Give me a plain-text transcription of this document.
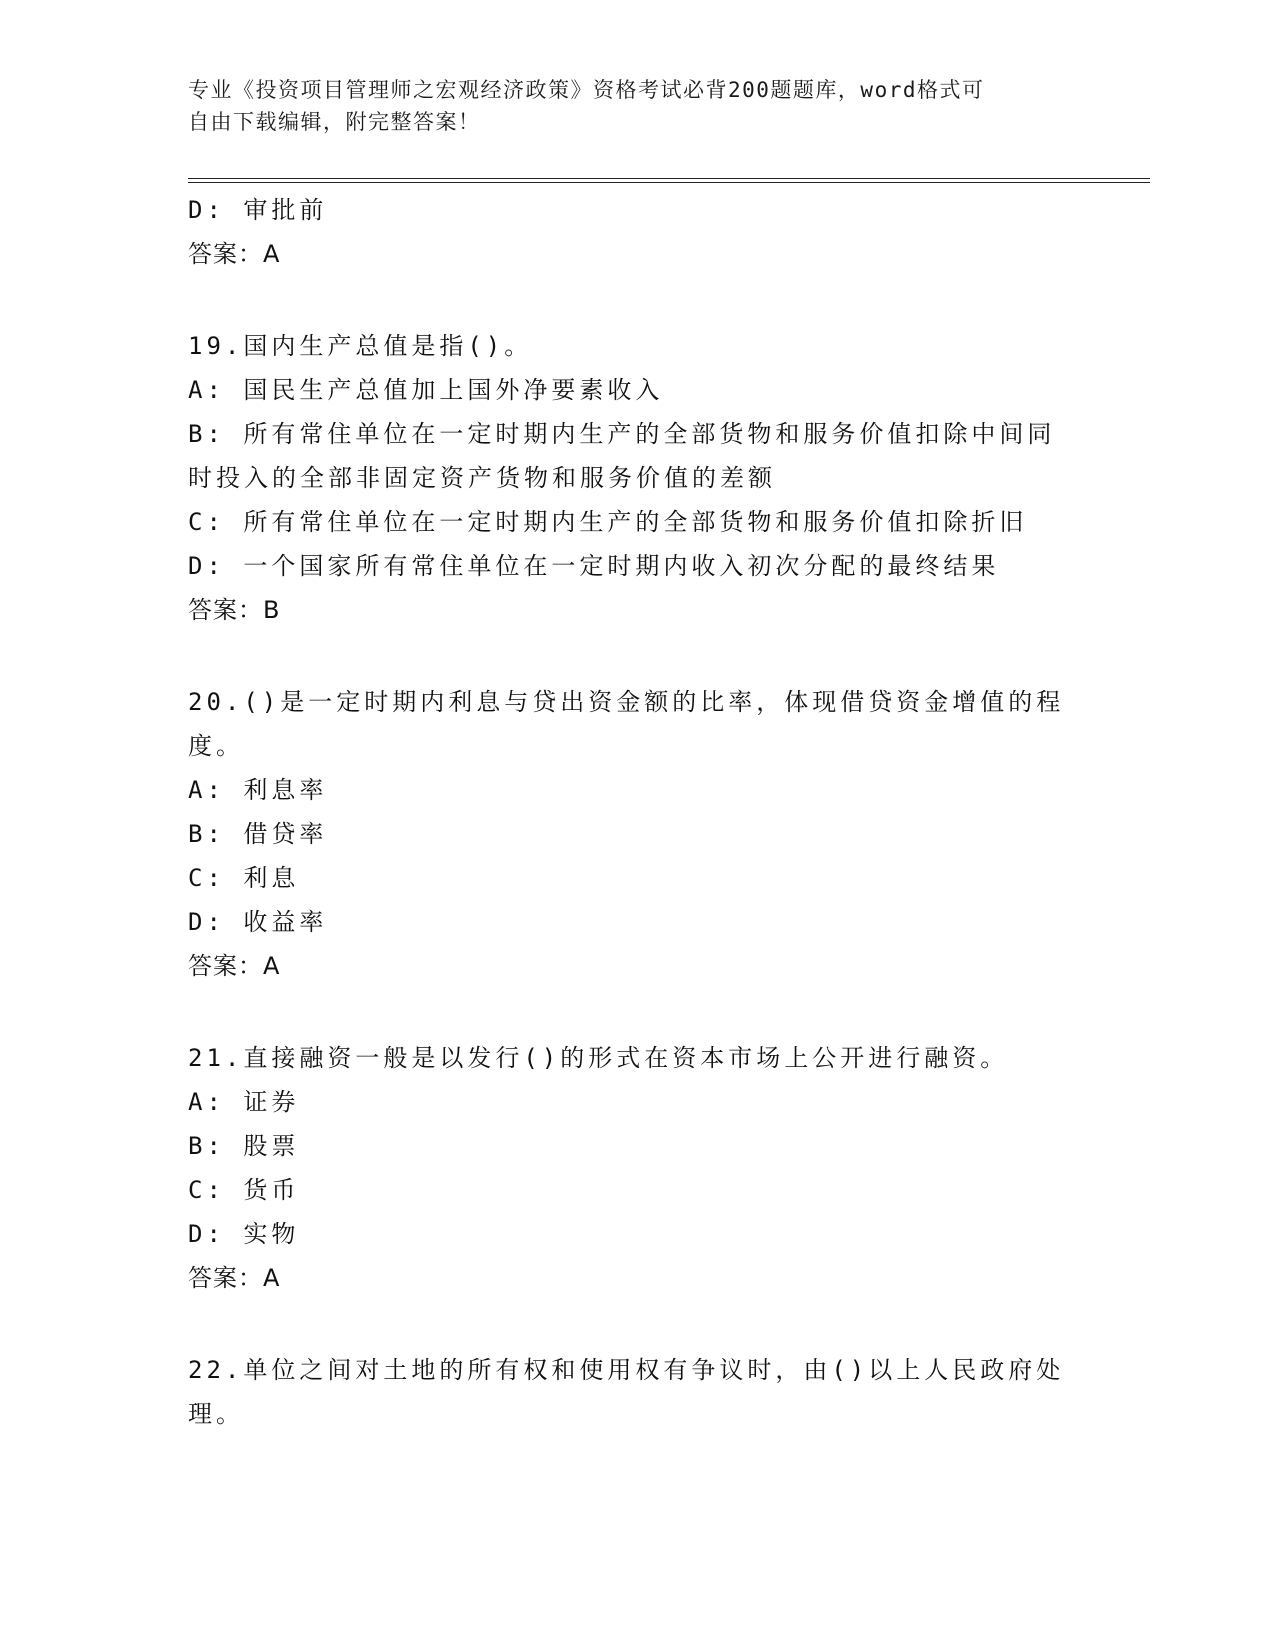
专业《投资项目管理师之宏观经济政策》资格考试必背200题题库，word格式可
自由下载编辑，附完整答案！
D: 审批前
答案：A
19.国内生产总值是指()。
A: 国民生产总值加上国外净要素收入
B: 所有常住单位在一定时期内生产的全部货物和服务价值扣除中间同
时投入的全部非固定资产货物和服务价值的差额
C: 所有常住单位在一定时期内生产的全部货物和服务价值扣除折旧
D: 一个国家所有常住单位在一定时期内收入初次分配的最终结果
答案：B
20.()是一定时期内利息与贷出资金额的比率，体现借贷资金增值的程
度。
A: 利息率
B: 借贷率
C: 利息
D: 收益率
答案：A
21.直接融资一般是以发行()的形式在资本市场上公开进行融资。
A: 证券
B: 股票
C: 货币
D: 实物
答案：A
22.单位之间对土地的所有权和使用权有争议时，由()以上人民政府处
理。
